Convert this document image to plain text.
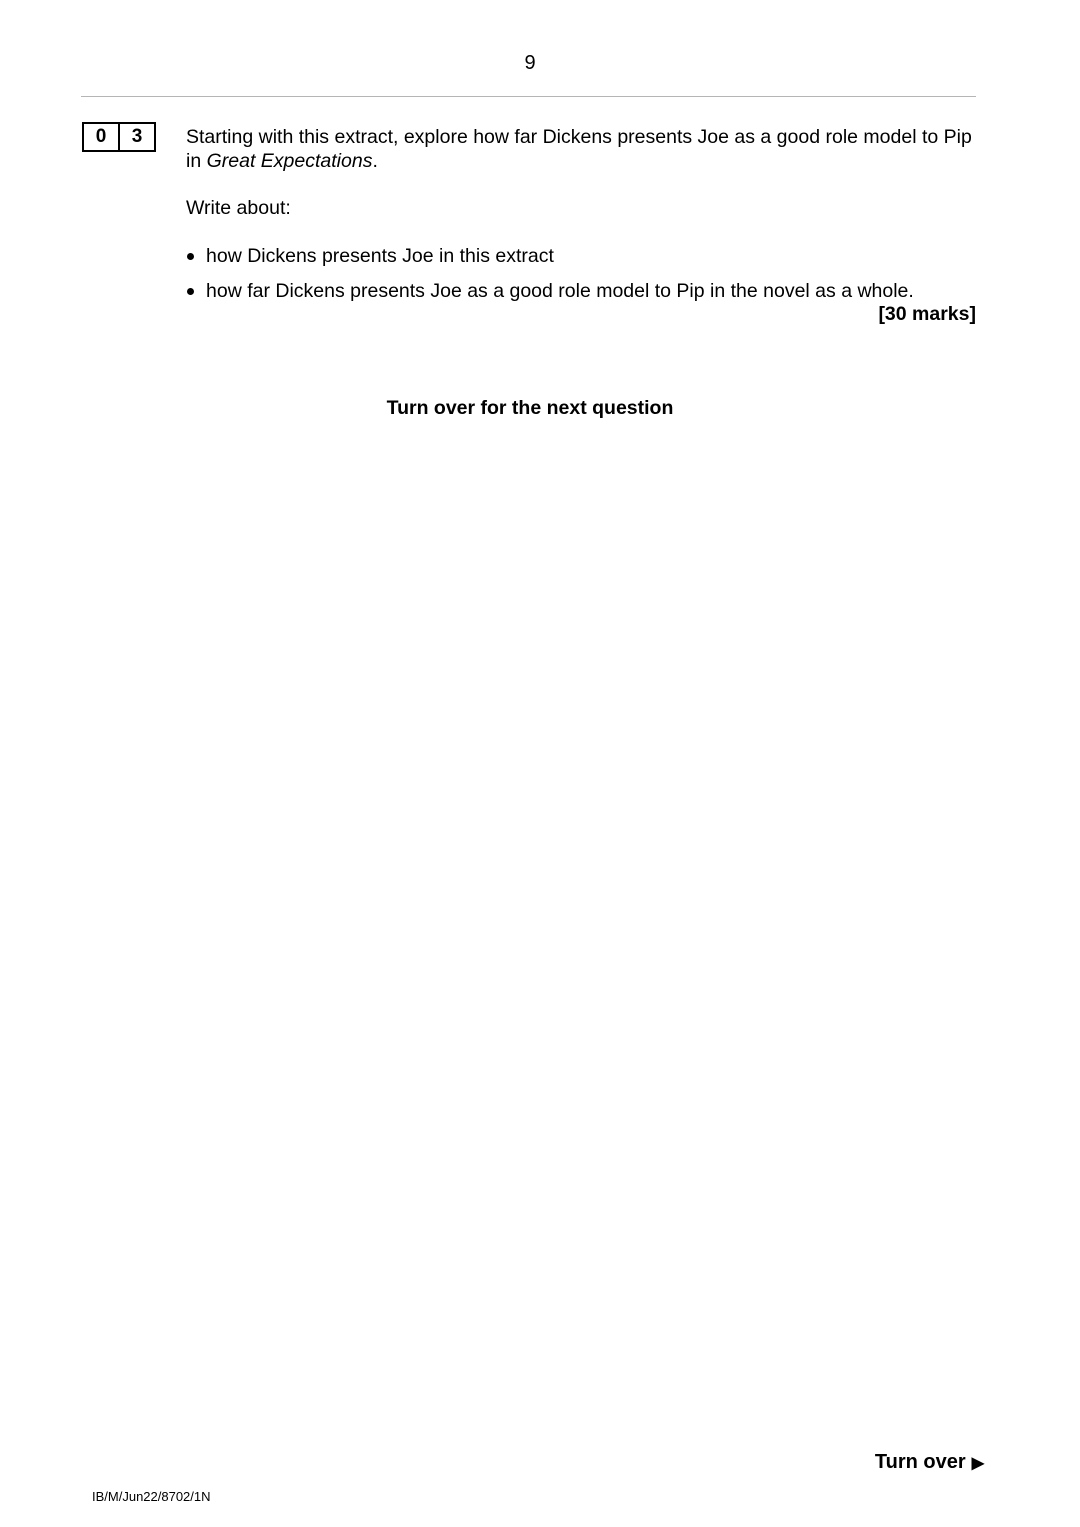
9
0	3	Starting with this extract, explore how far Dickens presents Joe as a good role model to Pip in Great Expectations.
Write about:
how Dickens presents Joe in this extract
how far Dickens presents Joe as a good role model to Pip in the novel as a whole.
[30 marks]
Turn over for the next question
Turn over ▶
IB/M/Jun22/8702/1N
